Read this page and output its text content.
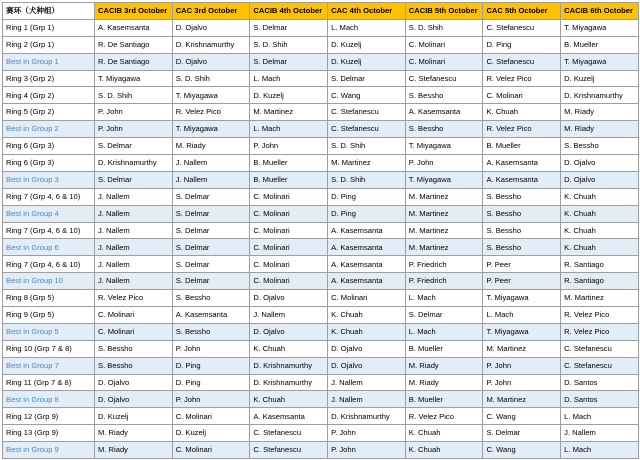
赛环（犬种组）	CACIB 3rd October	CAC 3rd October	CACIB 4th October	CAC 4th October	CACIB 5th October	CAC 5th October	CACIB 6th October
Ring 1 (Grp 1)	A. Kasemsanta	D. Ojalvo	S. Delmar	L. Mach	S. D. Shih	C. Stefanescu	T. Miyagawa
Ring 2 (Grp 1)	R. De Santiago	D. Krishnamurthy	S. D. Shih	D. Kuzelj	C. Molinari	D. Ping	B. Mueller
Best in Group 1	R. De Santiago	D. Ojalvo	S. Delmar	D. Kuzelj	C. Molinari	C. Stefanescu	T. Miyagawa
Ring 3 (Grp 2)	T. Miyagawa	S. D. Shih	L. Mach	S. Delmar	C. Stefanescu	R. Velez Pico	D. Kuzelj
Ring 4 (Grp 2)	S. D. Shih	T. Miyagawa	D. Kuzelj	C. Wang	S. Bessho	C. Molinari	D. Krishnamurthy
Ring 5 (Grp 2)	P. John	R. Velez Pico	M. Martinez	C. Stefanescu	A. Kasemsanta	K. Chuah	M. Riady
Best in Group 2	P. John	T. Miyagawa	L. Mach	C. Stefanescu	S. Bessho	R. Velez Pico	M. Riady
Ring 6 (Grp 3)	S. Delmar	M. Riady	P. John	S. D. Shih	T. Miyagawa	B. Mueller	S. Bessho
Ring 6 (Grp 3)	D. Krishnamurthy	J. Nallem	B. Mueller	M. Martinez	P. John	A. Kasemsanta	D. Ojalvo
Best in Group 3	S. Delmar	J. Nallem	B. Mueller	S. D. Shih	T. Miyagawa	A. Kasemsanta	D. Ojalvo
Ring 7 (Grp 4, 6 & 10)	J. Nallem	S. Delmar	C. Molinari	D. Ping	M. Martinez	S. Bessho	K. Chuah
Best in Group 4	J. Nallem	S. Delmar	C. Molinari	D. Ping	M. Martinez	S. Bessho	K. Chuah
Ring 7 (Grp 4, 6 & 10)	J. Nallem	S. Delmar	C. Molinari	A. Kasemsanta	M. Martinez	S. Bessho	K. Chuah
Best in Group 6	J. Nallem	S. Delmar	C. Molinari	A. Kasemsanta	M. Martinez	S. Bessho	K. Chuah
Ring 7 (Grp 4, 6 & 10)	J. Nallem	S. Delmar	C. Molinari	A. Kasemsanta	P. Friedrich	P. Peer	R. Santiago
Best in Group 10	J. Nallem	S. Delmar	C. Molinari	A. Kasemsanta	P. Friedrich	P. Peer	R. Santiago
Ring 8 (Grp 5)	R. Velez Pico	S. Bessho	D. Ojalvo	C. Molinari	L. Mach	T. Miyagawa	M. Martinez
Ring 9 (Grp 5)	C. Molinari	A. Kasemsanta	J. Nallem	K. Chuah	S. Delmar	L. Mach	R. Velez Pico
Best in Group 5	C. Molinari	S. Bessho	D. Ojalvo	K. Chuah	L. Mach	T. Miyagawa	R. Velez Pico
Ring 10 (Grp 7 & 8)	S. Bessho	P. John	K. Chuah	D. Ojalvo	B. Mueller	M. Martinez	C. Stefanescu
Best in Group 7	S. Bessho	D. Ping	D. Krishnamurthy	D. Ojalvo	M. Riady	P. John	C. Stefanescu
Ring 11 (Grp 7 & 8)	D. Ojalvo	D. Ping	D. Krishnamurthy	J. Nallem	M. Riady	P. John	D. Santos
Best in Group 8	D. Ojalvo	P. John	K. Chuah	J. Nallem	B. Mueller	M. Martinez	D. Santos
Ring 12 (Grp 9)	D. Kuzelj	C. Molinari	A. Kasemsanta	D. Krishnamurthy	R. Velez Pico	C. Wang	L. Mach
Ring 13 (Grp 9)	M. Riady	D. Kuzelj	C. Stefanescu	P. John	K. Chuah	S. Delmar	J. Nallem
Best in Group 9	M. Riady	C. Molinari	C. Stefanescu	P. John	K. Chuah	C. Wang	L. Mach
